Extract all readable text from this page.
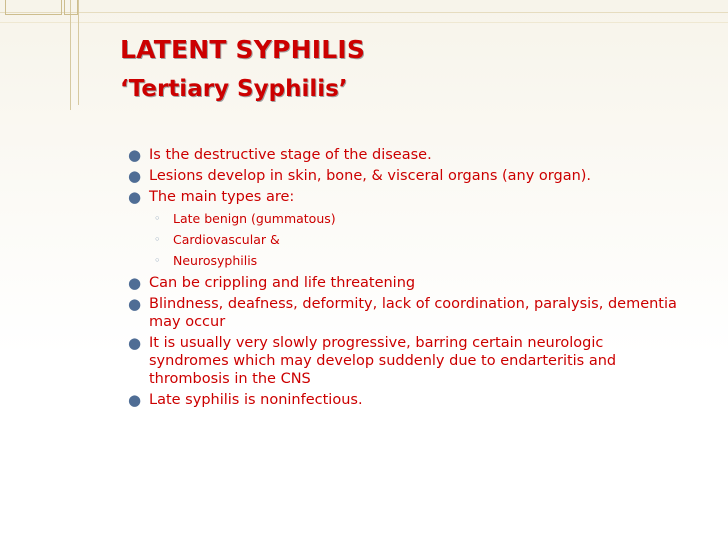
LATENT SYPHILIS
‘Tertiary Syphilis’
● Is the destructive stage of the disease.
● Lesions develop in skin, bone, & visceral organs (any organ).
● The main types are:
◦ Late benign (gummatous)
◦ Cardiovascular &
◦ Neurosyphilis
● Can be crippling and life threatening
● Blindness, deafness, deformity, lack of coordination, paralysis, dementia may occur
● It is usually very slowly progressive, barring certain neurologic syndromes which may develop suddenly due to endarteritis and thrombosis in the CNS
● Late syphilis is noninfectious.
